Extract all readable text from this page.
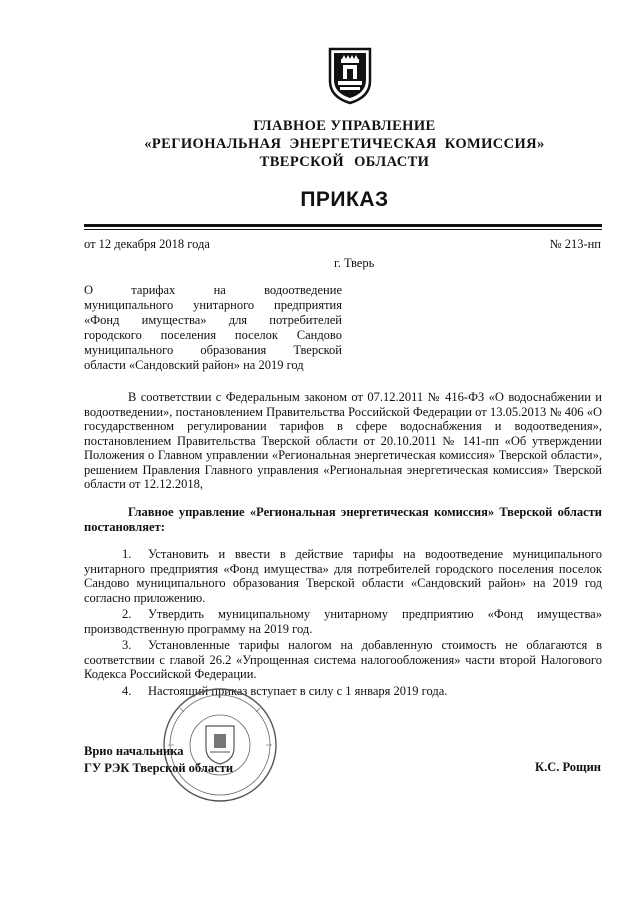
ГЛАВНОЕ УПРАВЛЕНИЕ
«РЕГИОНАЛЬНАЯ ЭНЕРГЕТИЧЕСКАЯ КОМИССИЯ»
ТВЕРСКОЙ ОБЛАСТИ
ПРИКАЗ
от 12 декабря 2018 года	№ 213-нп
г. Тверь
О тарифах на водоотведение
муниципального унитарного предприятия
«Фонд имущества» для потребителей
городского поселения поселок Сандово
муниципального образования Тверской
области «Сандовский район» на 2019 год

В соответствии с Федеральным законом от 07.12.2011 № 416-ФЗ «О водоснабжении и водоотведении», постановлением Правительства Российской Федерации от 13.05.2013 № 406 «О государственном регулировании тарифов в сфере водоснабжения и водоотведения», постановлением Правительства Тверской области от 20.10.2011 № 141-пп «Об утверждении Положения о Главном управлении «Региональная энергетическая комиссия» Тверской области», решением Правления Главного управления «Региональная энергетическая комиссия» Тверской области от 12.12.2018,

Главное управление «Региональная энергетическая комиссия» Тверской области постановляет:

1. Установить и ввести в действие тарифы на водоотведение муниципального унитарного предприятия «Фонд имущества» для потребителей городского поселения поселок Сандово муниципального образования Тверской области «Сандовский район» на 2019 год согласно приложению.

2. Утвердить муниципальному унитарному предприятию «Фонд имущества» производственную программу на 2019 год.

3. Установленные тарифы налогом на добавленную стоимость не облагаются в соответствии с главой 26.2 «Упрощенная система налогообложения» части второй Налогового Кодекса Российской Федерации.

4. Настоящий приказ вступает в силу с 1 января 2019 года.

Врио начальника
ГУ РЭК Тверской области	К.С. Рощин
